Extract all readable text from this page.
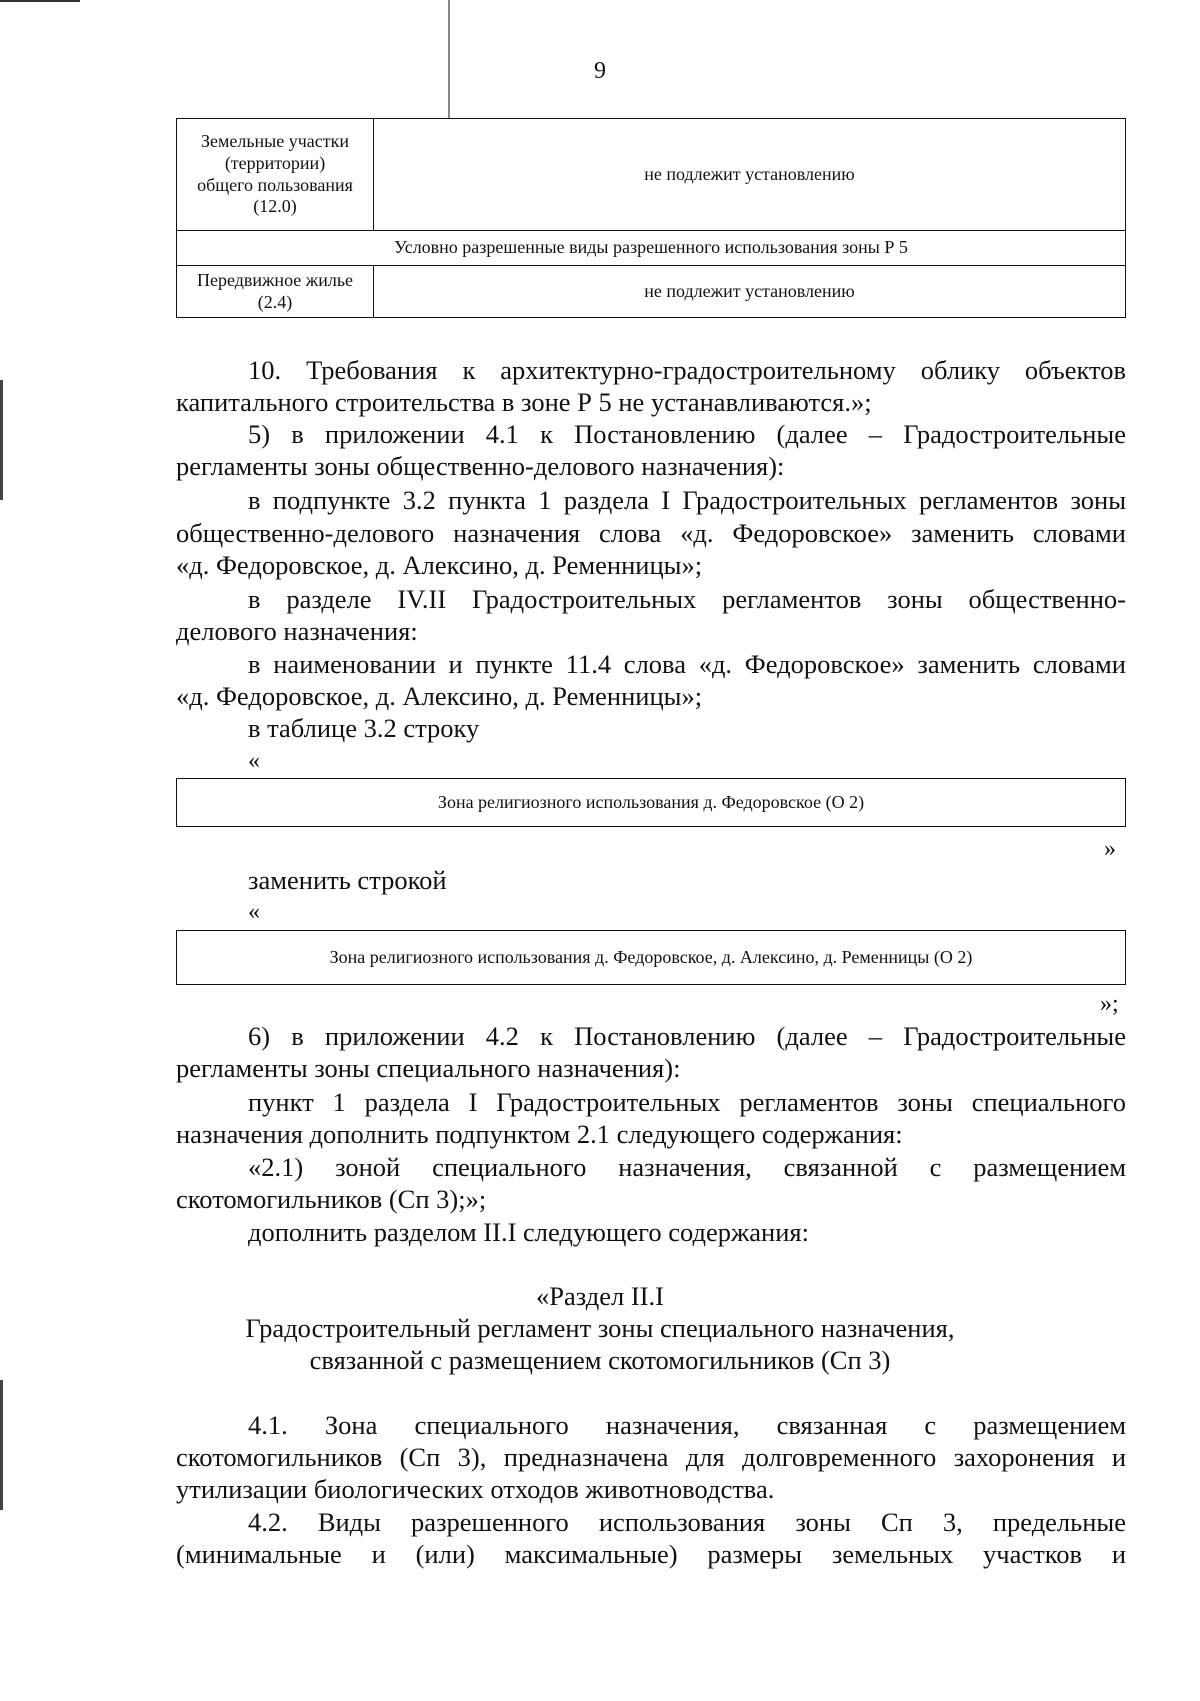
9
Земельные участки
(территории)
общего пользования
(12.0)	не подлежит установлению
Условно разрешенные виды разрешенного использования зоны Р 5	

Передвижное жилье
(2.4)	не подлежит установлению
10. Требования к архитектурно-градостроительному облику объектов
капитального строительства в зоне Р 5 не устанавливаются.»;
5) в приложении 4.1 к Постановлению (далее – Градостроительные
регламенты зоны общественно-делового назначения):
в подпункте 3.2 пункта 1 раздела I Градостроительных регламентов зоны
общественно-делового назначения слова «д. Федоровское» заменить словами
«д. Федоровское, д. Алексино, д. Ременницы»;
в разделе IV.II Градостроительных регламентов зоны общественно-
делового назначения:
в наименовании и пункте 11.4 слова «д. Федоровское» заменить словами
«д. Федоровское, д. Алексино, д. Ременницы»;
в таблице 3.2 строку
«
Зона религиозного использования д. Федоровское (О 2)
»
заменить строкой
«
Зона религиозного использования д. Федоровское, д. Алексино, д. Ременницы (О 2)
»;
6) в приложении 4.2 к Постановлению (далее – Градостроительные
регламенты зоны специального назначения):
пункт 1 раздела I Градостроительных регламентов зоны специального
назначения дополнить подпунктом 2.1 следующего содержания:
«2.1) зоной специального назначения, связанной с размещением
скотомогильников (Сп 3);»;
дополнить разделом II.I следующего содержания:
«Раздел II.I
Градостроительный регламент зоны специального назначения,
связанной с размещением скотомогильников (Сп 3)
4.1. Зона специального назначения, связанная с размещением
скотомогильников (Сп 3), предназначена для долговременного захоронения и
утилизации биологических отходов животноводства.
4.2. Виды разрешенного использования зоны Сп 3, предельные
(минимальные и (или) максимальные) размеры земельных участков и
